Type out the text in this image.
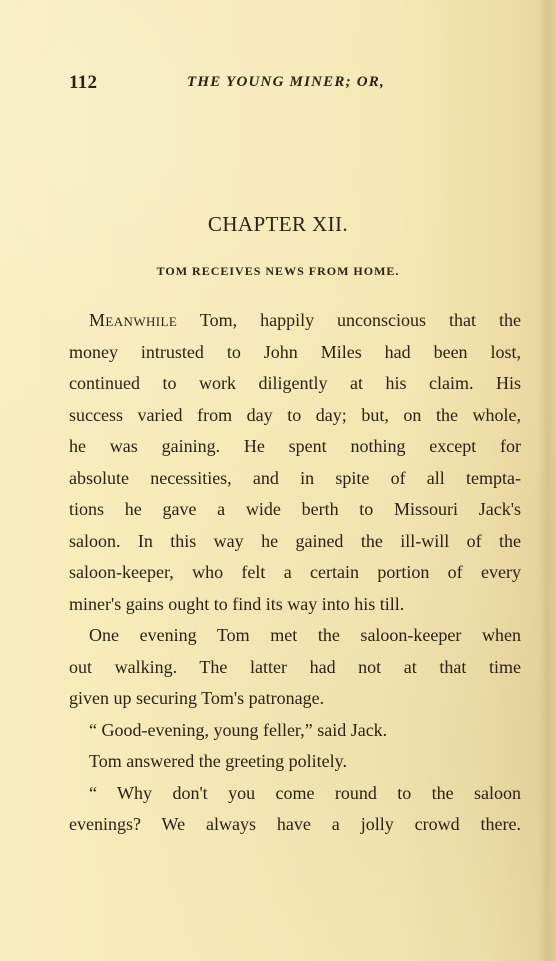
112	THE YOUNG MINER; OR,
CHAPTER XII.
TOM RECEIVES NEWS FROM HOME.
Meanwhile Tom, happily unconscious that the
money intrusted to John Miles had been lost,
continued to work diligently at his claim. His
success varied from day to day; but, on the whole,
he was gaining. He spent nothing except for
absolute necessities, and in spite of all tempta-
tions he gave a wide berth to Missouri Jack's
saloon. In this way he gained the ill-will of the
saloon-keeper, who felt a certain portion of every
miner's gains ought to find its way into his till.
One evening Tom met the saloon-keeper when
out walking. The latter had not at that time
given up securing Tom's patronage.
“ Good-evening, young feller,” said Jack.
Tom answered the greeting politely.
“ Why don't you come round to the saloon
evenings? We always have a jolly crowd there.
